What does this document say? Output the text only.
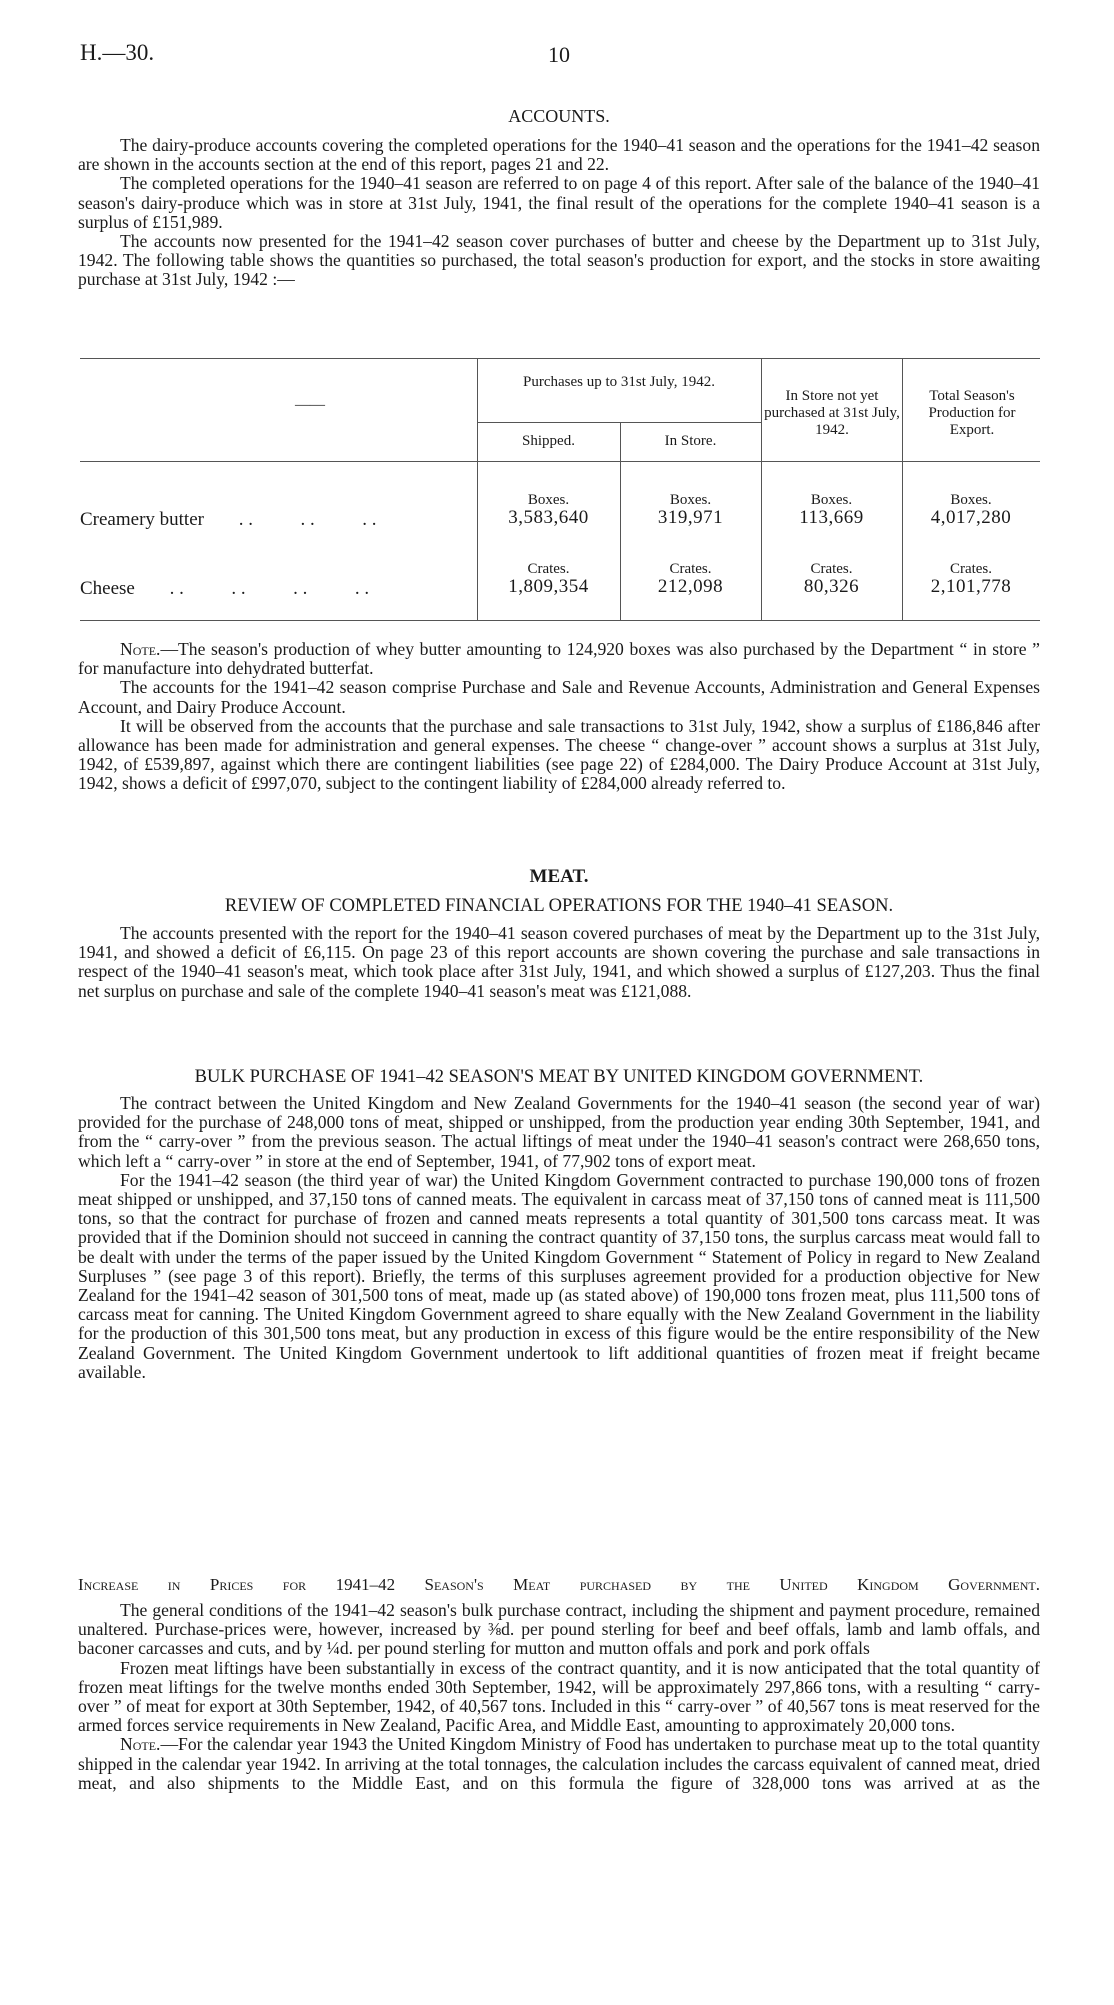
H.—30.	10
ACCOUNTS.

The dairy-produce accounts covering the completed operations for the 1940–41 season and the operations for the 1941–42 season are shown in the accounts section at the end of this report, pages 21 and 22.

The completed operations for the 1940–41 season are referred to on page 4 of this report. After sale of the balance of the 1940–41 season's dairy-produce which was in store at 31st July, 1941, the final result of the operations for the complete 1940–41 season is a surplus of £151,989.

The accounts now presented for the 1941–42 season cover purchases of butter and cheese by the Department up to 31st July, 1942. The following table shows the quantities so purchased, the total season's production for export, and the stocks in store awaiting purchase at 31st July, 1942 :—

——
Purchases up to 31st July, 1942.
Shipped.	In Store.
In Store not yet purchased at 31st July, 1942.
Total Season's Production for Export.
Creamery butter . .          . .          . .
Boxes.
3,583,640
Boxes.
319,971
Boxes.
113,669
Boxes.
4,017,280
Cheese . .          . .          . .          . .
Crates.
1,809,354
Crates.
212,098
Crates.
80,326
Crates.
2,101,778

Note.—The season's production of whey butter amounting to 124,920 boxes was also purchased by the Department “ in store ” for manufacture into dehydrated butterfat.

The accounts for the 1941–42 season comprise Purchase and Sale and Revenue Accounts, Administration and General Expenses Account, and Dairy Produce Account.

It will be observed from the accounts that the purchase and sale transactions to 31st July, 1942, show a surplus of £186,846 after allowance has been made for administration and general expenses. The cheese “ change-over ” account shows a surplus at 31st July, 1942, of £539,897, against which there are contingent liabilities (see page 22) of £284,000. The Dairy Produce Account at 31st July, 1942, shows a deficit of £997,070, subject to the contingent liability of £284,000 already referred to.

MEAT.
REVIEW OF COMPLETED FINANCIAL OPERATIONS FOR THE 1940–41 SEASON.

The accounts presented with the report for the 1940–41 season covered purchases of meat by the Department up to the 31st July, 1941, and showed a deficit of £6,115. On page 23 of this report accounts are shown covering the purchase and sale transactions in respect of the 1940–41 season's meat, which took place after 31st July, 1941, and which showed a surplus of £127,203. Thus the final net surplus on purchase and sale of the complete 1940–41 season's meat was £121,088.

BULK PURCHASE OF 1941–42 SEASON'S MEAT BY UNITED KINGDOM GOVERNMENT.

The contract between the United Kingdom and New Zealand Governments for the 1940–41 season (the second year of war) provided for the purchase of 248,000 tons of meat, shipped or unshipped, from the production year ending 30th September, 1941, and from the “ carry-over ” from the previous season. The actual liftings of meat under the 1940–41 season's contract were 268,650 tons, which left a “ carry-over ” in store at the end of September, 1941, of 77,902 tons of export meat.

For the 1941–42 season (the third year of war) the United Kingdom Government contracted to purchase 190,000 tons of frozen meat shipped or unshipped, and 37,150 tons of canned meats. The equivalent in carcass meat of 37,150 tons of canned meat is 111,500 tons, so that the contract for purchase of frozen and canned meats represents a total quantity of 301,500 tons carcass meat. It was provided that if the Dominion should not succeed in canning the contract quantity of 37,150 tons, the surplus carcass meat would fall to be dealt with under the terms of the paper issued by the United Kingdom Government “ Statement of Policy in regard to New Zealand Surpluses ” (see page 3 of this report). Briefly, the terms of this surpluses agreement provided for a production objective for New Zealand for the 1941–42 season of 301,500 tons of meat, made up (as stated above) of 190,000 tons frozen meat, plus 111,500 tons of carcass meat for canning. The United Kingdom Government agreed to share equally with the New Zealand Government in the liability for the production of this 301,500 tons meat, but any production in excess of this figure would be the entire responsibility of the New Zealand Government. The United Kingdom Government undertook to lift additional quantities of frozen meat if freight became available.

Increase in Prices for 1941–42 Season's Meat purchased by the United Kingdom Government.

The general conditions of the 1941–42 season's bulk purchase contract, including the shipment and payment procedure, remained unaltered. Purchase-prices were, however, increased by ⅜d. per pound sterling for beef and beef offals, lamb and lamb offals, and baconer carcasses and cuts, and by ¼d. per pound sterling for mutton and mutton offals and pork and pork offals

Frozen meat liftings have been substantially in excess of the contract quantity, and it is now anticipated that the total quantity of frozen meat liftings for the twelve months ended 30th September, 1942, will be approximately 297,866 tons, with a resulting “ carry-over ” of meat for export at 30th September, 1942, of 40,567 tons. Included in this “ carry-over ” of 40,567 tons is meat reserved for the armed forces service requirements in New Zealand, Pacific Area, and Middle East, amounting to approximately 20,000 tons.

Note.—For the calendar year 1943 the United Kingdom Ministry of Food has undertaken to purchase meat up to the total quantity shipped in the calendar year 1942. In arriving at the total tonnages, the calculation includes the carcass equivalent of canned meat, dried meat, and also shipments to the Middle East, and on this formula the figure of 328,000 tons was arrived at as the
